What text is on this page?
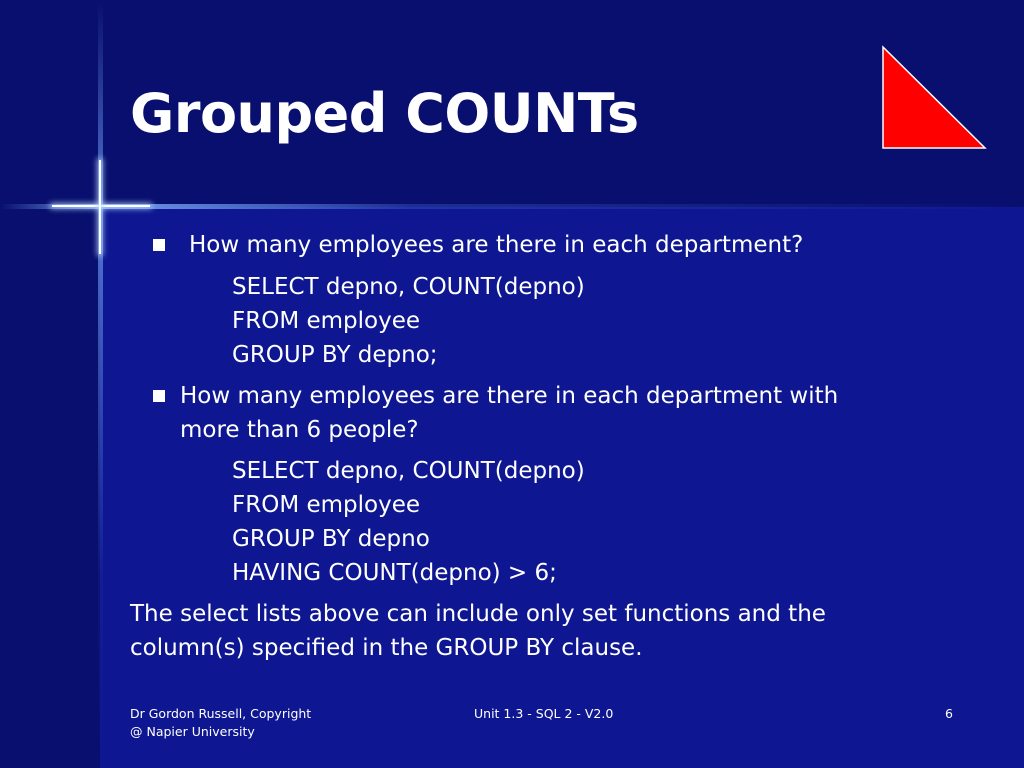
Grouped COUNTs
How many employees are there in each department?
SELECT depno, COUNT(depno)
FROM employee
GROUP BY depno;
How many employees are there in each department with
more than 6 people?
SELECT depno, COUNT(depno)
FROM employee
GROUP BY depno
HAVING COUNT(depno) > 6;
The select lists above can include only set functions and the
column(s) specified in the GROUP BY clause.
Dr Gordon Russell, Copyright
@ Napier University
Unit 1.3 - SQL 2 - V2.0	6
